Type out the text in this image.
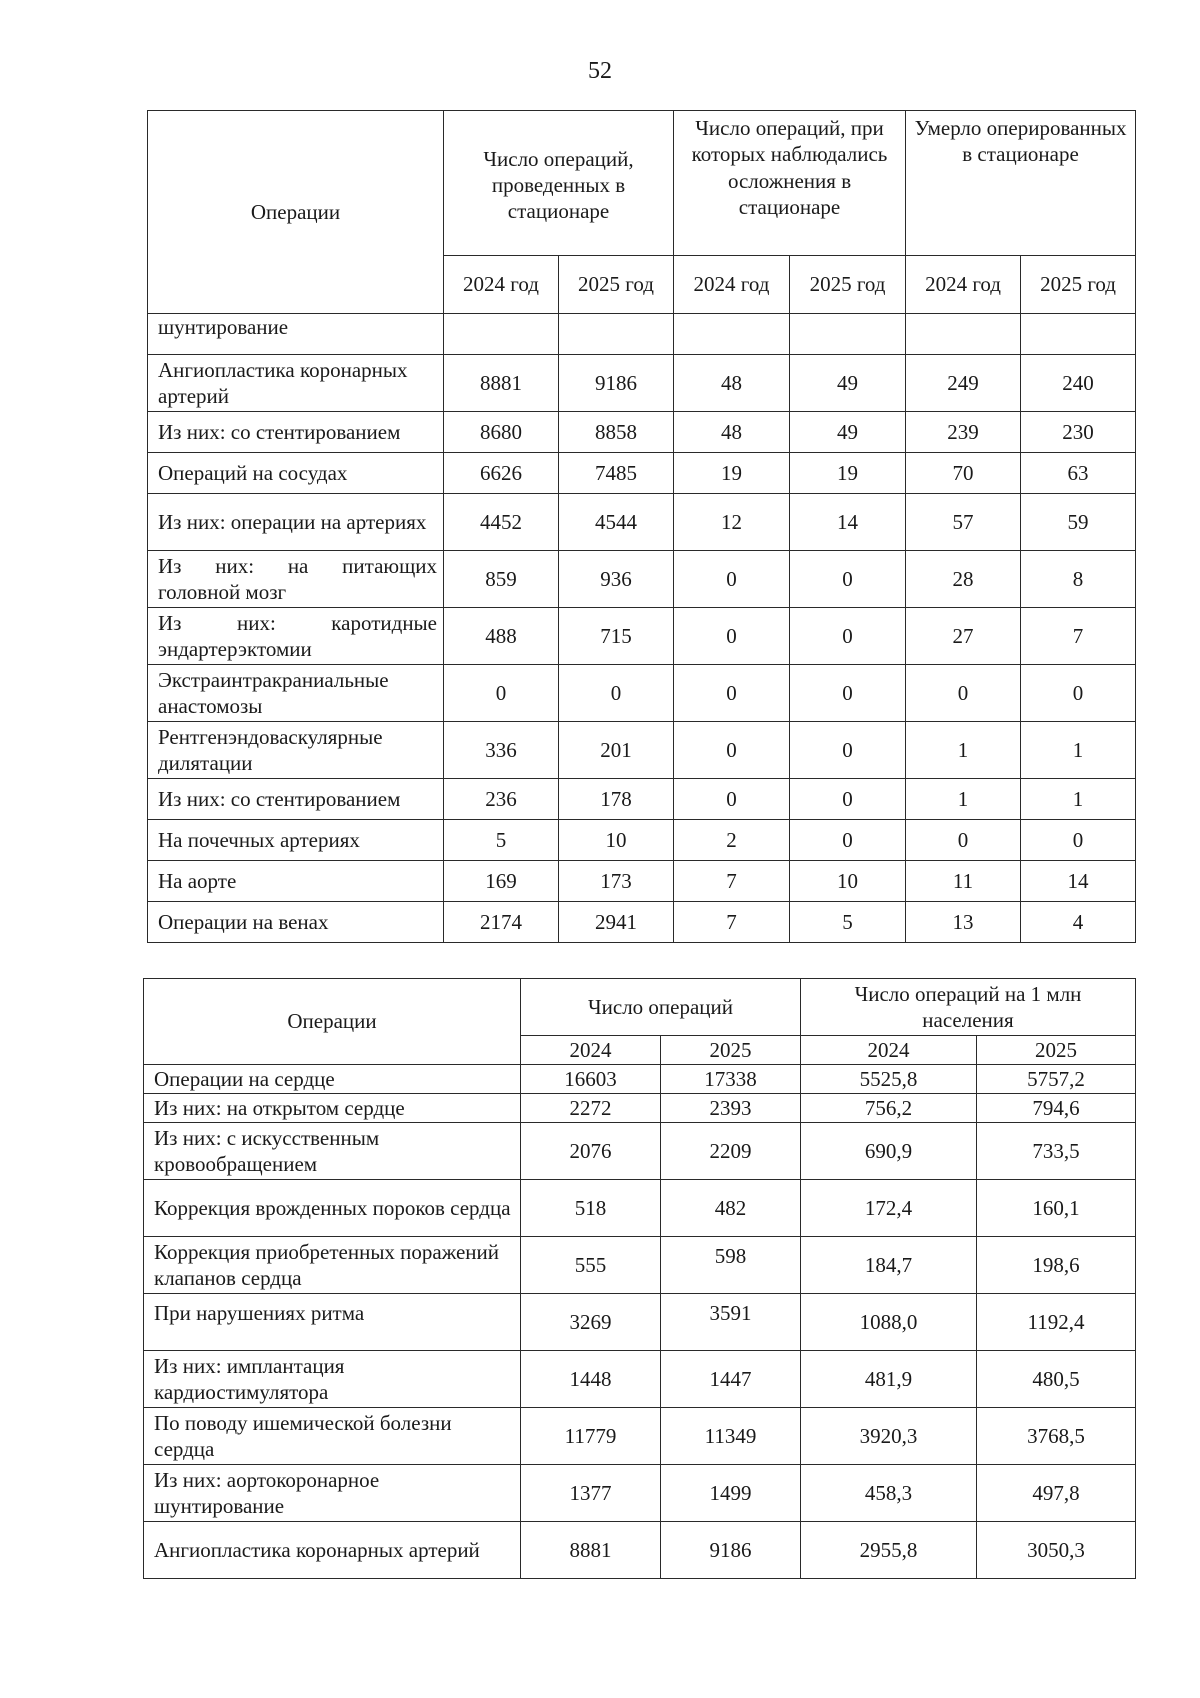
52
Операции	Число операций, проведенных в стационаре		Число операций, при которых наблюдались осложнения в стационаре		Умерло оперированных в стационаре	
	2024 год	2025 год	2024 год	2025 год	2024 год	2025 год
шунтирование						
Ангиопластика коронарных артерий	8881	9186	48	49	249	240
Из них: со стентированием	8680	8858	48	49	239	230
Операций на сосудах	6626	7485	19	19	70	63
Из них: операции на артериях	4452	4544	12	14	57	59
Из них: на питающих головной мозг	859	936	0	0	28	8
Из них: каротидные эндартерэктомии	488	715	0	0	27	7
Экстраинтракраниальные анастомозы	0	0	0	0	0	0
Рентгенэндоваскулярные дилятации	336	201	0	0	1	1
Из них: со стентированием	236	178	0	0	1	1
На почечных артериях	5	10	2	0	0	0
На аорте	169	173	7	10	11	14
Операции на венах	2174	2941	7	5	13	4
Операции	Число операций		Число операций на 1 млн населения	
	2024	2025	2024	2025
Операции на сердце	16603	17338	5525,8	5757,2
Из них: на открытом сердце	2272	2393	756,2	794,6
Из них: с искусственным кровообращением	2076	2209	690,9	733,5
Коррекция врожденных пороков сердца	518	482	172,4	160,1
Коррекция приобретенных поражений клапанов сердца	555	598	184,7	198,6
При нарушениях ритма	3269	3591	1088,0	1192,4
Из них: имплантация кардиостимулятора	1448	1447	481,9	480,5
По поводу ишемической болезни сердца	11779	11349	3920,3	3768,5
Из них: аортокоронарное шунтирование	1377	1499	458,3	497,8
Ангиопластика коронарных артерий	8881	9186	2955,8	3050,3
